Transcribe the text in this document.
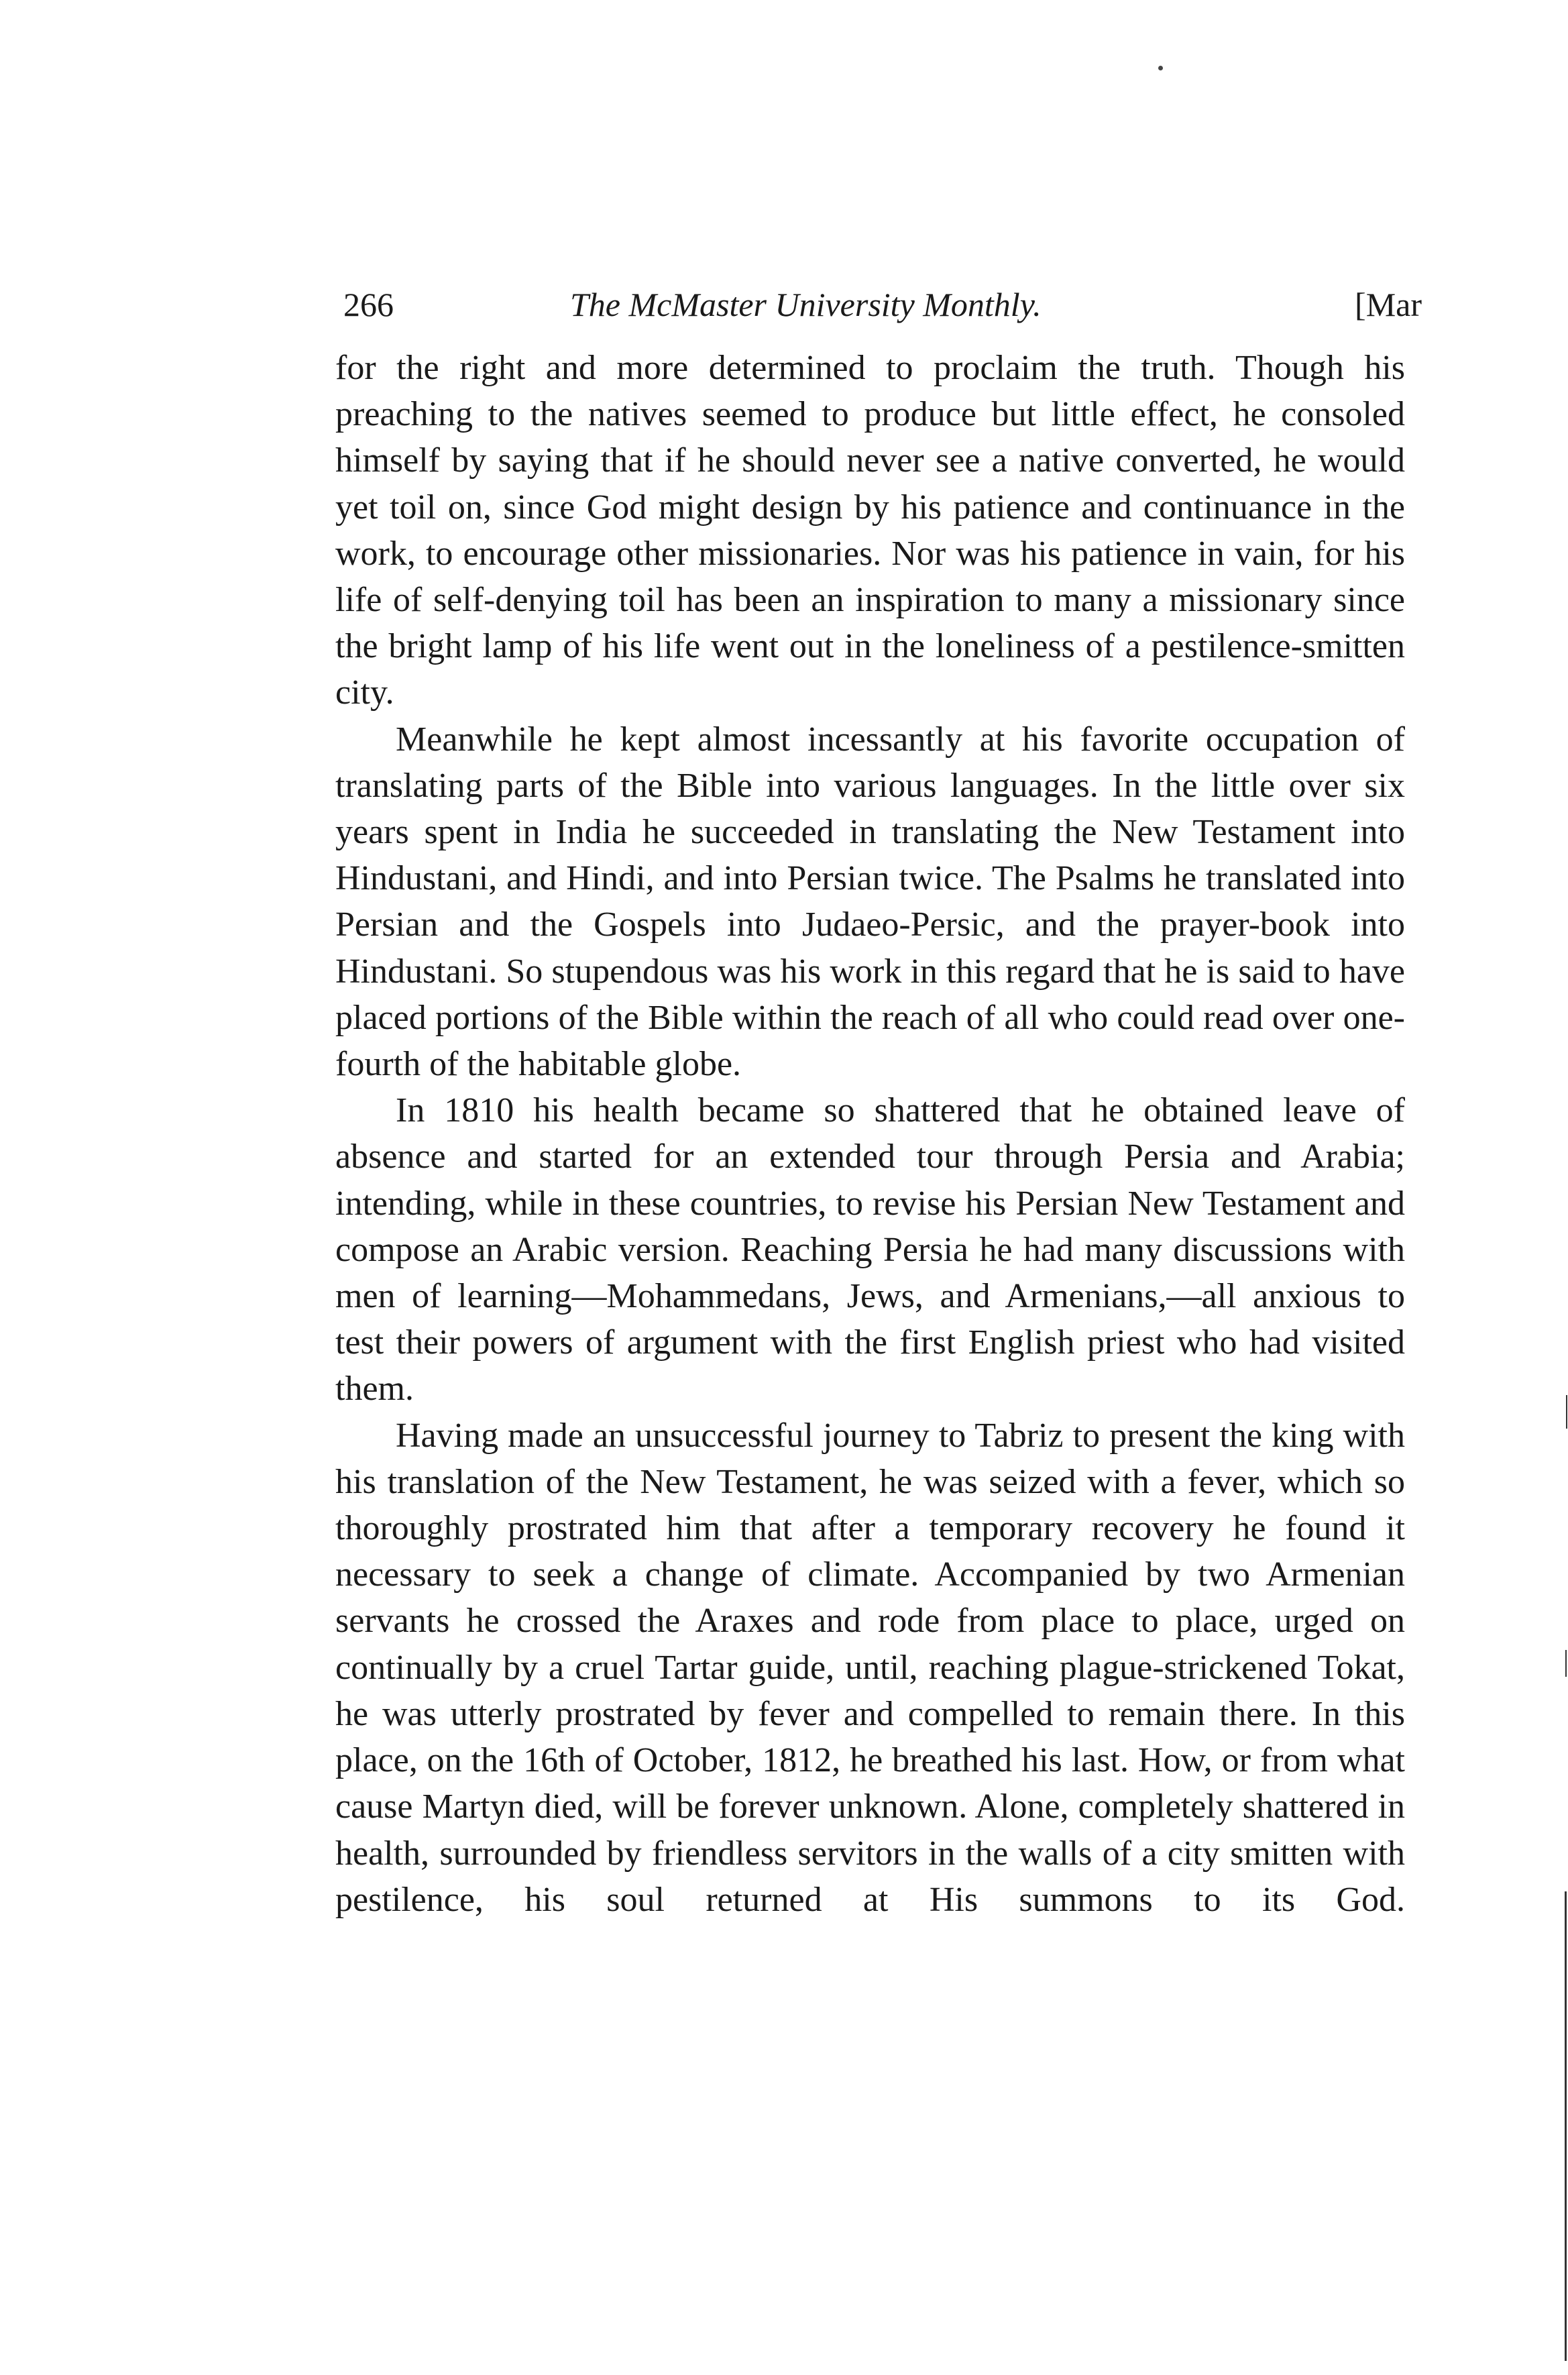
266	The McMaster University Monthly.	[Mar

for the right and more determined to proclaim the truth. Though his preaching to the natives seemed to produce but little effect, he consoled himself by saying that if he should never see a native converted, he would yet toil on, since God might design by his patience and continuance in the work, to encourage other missionaries. Nor was his patience in vain, for his life of self-denying toil has been an inspiration to many a missionary since the bright lamp of his life went out in the loneliness of a pestilence-smitten city.

Meanwhile he kept almost incessantly at his favorite occupation of translating parts of the Bible into various languages. In the little over six years spent in India he succeeded in translating the New Testament into Hindustani, and Hindi, and into Persian twice. The Psalms he translated into Persian and the Gospels into Judaeo-Persic, and the prayer-book into Hindustani. So stupendous was his work in this regard that he is said to have placed portions of the Bible within the reach of all who could read over one-fourth of the habitable globe.

In 1810 his health became so shattered that he obtained leave of absence and started for an extended tour through Persia and Arabia; intending, while in these countries, to revise his Persian New Testament and compose an Arabic version. Reaching Persia he had many discussions with men of learning—Mohammedans, Jews, and Armenians,—all anxious to test their powers of argument with the first English priest who had visited them.

Having made an unsuccessful journey to Tabriz to present the king with his translation of the New Testament, he was seized with a fever, which so thoroughly prostrated him that after a temporary recovery he found it necessary to seek a change of climate. Accompanied by two Armenian servants he crossed the Araxes and rode from place to place, urged on continually by a cruel Tartar guide, until, reaching plague-strickened Tokat, he was utterly prostrated by fever and compelled to remain there. In this place, on the 16th of October, 1812, he breathed his last. How, or from what cause Martyn died, will be forever unknown. Alone, completely shattered in health, surrounded by friendless servitors in the walls of a city smitten with pestilence, his soul returned at His summons to its God.
